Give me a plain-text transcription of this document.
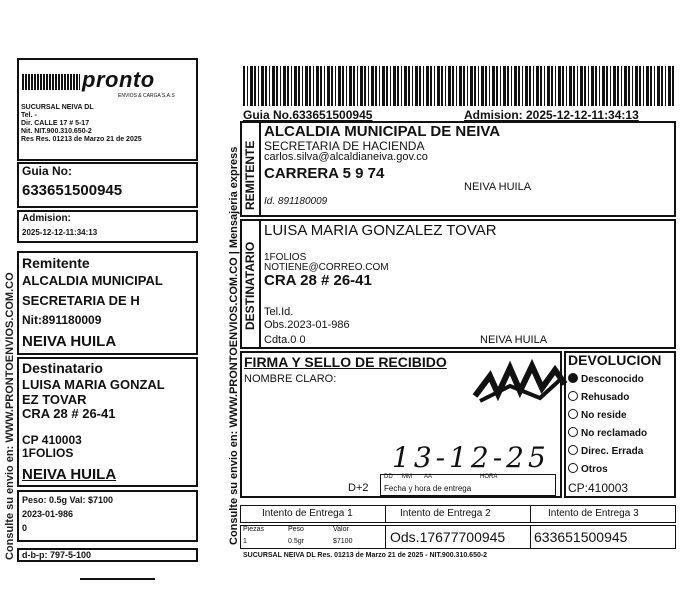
Consulte su envio en: WWW.PRONTOENVIOS.COM.CO
pronto
ENVIOS & CARGA S.A.S
SUCURSAL NEIVA DL
Tel. -
Dir. CALLE 17 # 5-17
Nit. NIT.900.310.650-2
Res Res. 01213 de Marzo 21 de 2025
Guia No:
633651500945
Admision:
2025-12-12-11:34:13
Remitente
ALCALDIA MUNICIPAL
SECRETARIA DE H
Nit:891180009
NEIVA HUILA
Destinatario
LUISA MARIA GONZAL
EZ TOVAR
CRA 28 # 26-41
CP 410003
1FOLIOS
NEIVA HUILA
Peso: 0.5g Val: $7100
2023-01-986
0
d-b-p: 797-5-100
Guia No.633651500945	Admision: 2025-12-12-11:34:13
Consulte su envio en: WWW.PRONTOENVIOS.COM.CO | Mensajeria express REMITENTE
ALCALDIA MUNICIPAL DE NEIVA
SECRETARIA DE HACIENDA
carlos.silva@alcaldianeiva.gov.co
CARRERA 5 9 74
NEIVA HUILA
Id. 891180009
DESTINATARIO
LUISA MARIA GONZALEZ TOVAR
1FOLIOS
NOTIENE@CORREO.COM
CRA 28 # 26-41
Tel.Id.
Obs.2023-01-986
Cdta.0 0	NEIVA HUILA
FIRMA Y SELLO DE RECIBIDO
NOMBRE CLARO:
13-12-25
D+2
DD MM AA	HORA
Fecha y hora de entrega
DEVOLUCION
Desconocido
Rehusado
No reside
No reclamado
Direc. Errada
Otros
CP:410003
Intento de Entrega 1	Intento de Entrega 2	Intento de Entrega 3
Piezas	Peso	Valor
1	0.5gr	$7100	Ods.17677700945 633651500945
SUCURSAL NEIVA DL Res. 01213 de Marzo 21 de 2025 - NIT.900.310.650-2
